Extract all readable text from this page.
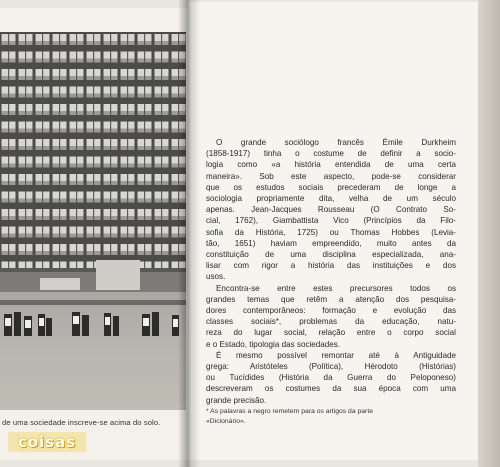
de uma sociedade inscreve-se acima do solo.
coisas

O grande sociólogo francês Émile Durkheim
(1858-1917) tinha o costume de definir a socio-
logia como «a história entendida de uma certa
maneira». Sob este aspecto, pode-se considerar
que os estudos sociais precederam de longe a
sociologia propriamente dita, velha de um século
apenas. Jean-Jacques Rousseau (O Contrato So-
cial, 1762), Giambattista Vico (Princípios da Filo-
sofia da História, 1725) ou Thomas Hobbes (Levia-
tão, 1651) haviam empreendido, muito antes da
constituição de uma disciplina especializada, ana-
lisar com rigor a história das instituições e dos
usos.

Encontra-se entre estes precursores todos os
grandes temas que retêm a atenção dos pesquisa-
dores contemporâneos: formação e evolução das
classes sociais*, problemas da educação, natu-
reza do lugar social, relação entre o corpo social
e o Estado, tipologia das sociedades.

É mesmo possível remontar até à Antiguidade
grega: Aristóteles (Política), Hérodoto (Histórias)
ou Tucídides (História da Guerra do Peloponeso)
descreveram os costumes da sua época com uma
grande precisão.

* As palavras a negro remetem para os artigos da parte
«Dicionário».
